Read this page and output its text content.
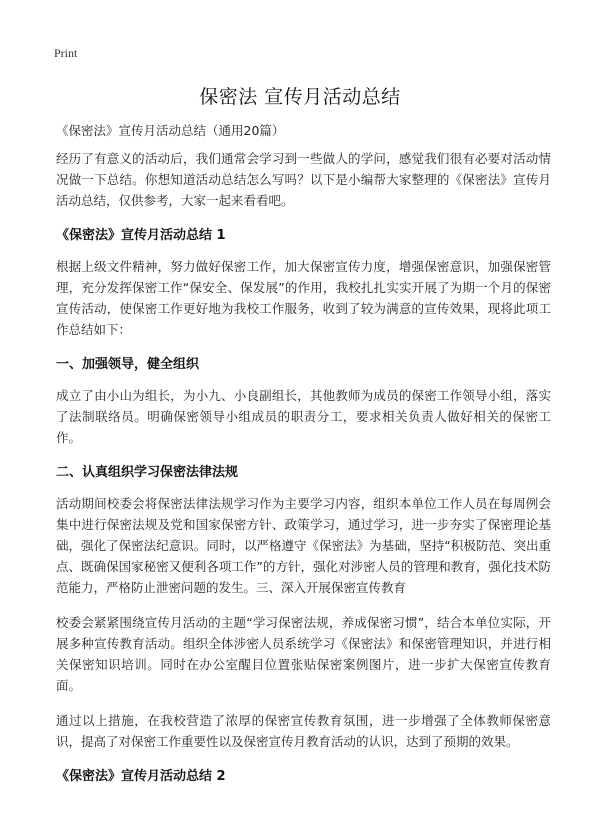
Print
保密法 宣传月活动总结
《保密法》宣传月活动总结（通用20篇）

经历了有意义的活动后，我们通常会学习到一些做人的学问，感觉我们很有必要对活动情况做一下总结。你想知道活动总结怎么写吗？以下是小编帮大家整理的《保密法》宣传月活动总结，仅供参考，大家一起来看看吧。

《保密法》宣传月活动总结 1

根据上级文件精神，努力做好保密工作，加大保密宣传力度，增强保密意识，加强保密管理，充分发挥保密工作“保安全、保发展”的作用，我校扎扎实实开展了为期一个月的保密宣传活动，使保密工作更好地为我校工作服务，收到了较为满意的宣传效果，现将此项工作总结如下：

一、加强领导，健全组织

成立了由小山为组长，为小九、小良副组长，其他教师为成员的保密工作领导小组，落实了法制联络员。明确保密领导小组成员的职责分工，要求相关负责人做好相关的保密工作。

二、认真组织学习保密法律法规

活动期间校委会将保密法律法规学习作为主要学习内容，组织本单位工作人员在每周例会集中进行保密法规及党和国家保密方针、政策学习，通过学习，进一步夯实了保密理论基础，强化了保密法纪意识。同时，以严格遵守《保密法》为基础，坚持“积极防范、突出重点、既确保国家秘密又便利各项工作”的方针，强化对涉密人员的管理和教育，强化技术防范能力，严格防止泄密问题的发生。三、深入开展保密宣传教育

校委会紧紧围绕宣传月活动的主题“学习保密法规，养成保密习惯”，结合本单位实际，开展多种宣传教育活动。组织全体涉密人员系统学习《保密法》和保密管理知识，并进行相关保密知识培训。同时在办公室醒目位置张贴保密案例图片，进一步扩大保密宣传教育面。

通过以上措施，在我校营造了浓厚的保密宣传教育氛围，进一步增强了全体教师保密意识，提高了对保密工作重要性以及保密宣传月教育活动的认识，达到了预期的效果。

《保密法》宣传月活动总结 2
